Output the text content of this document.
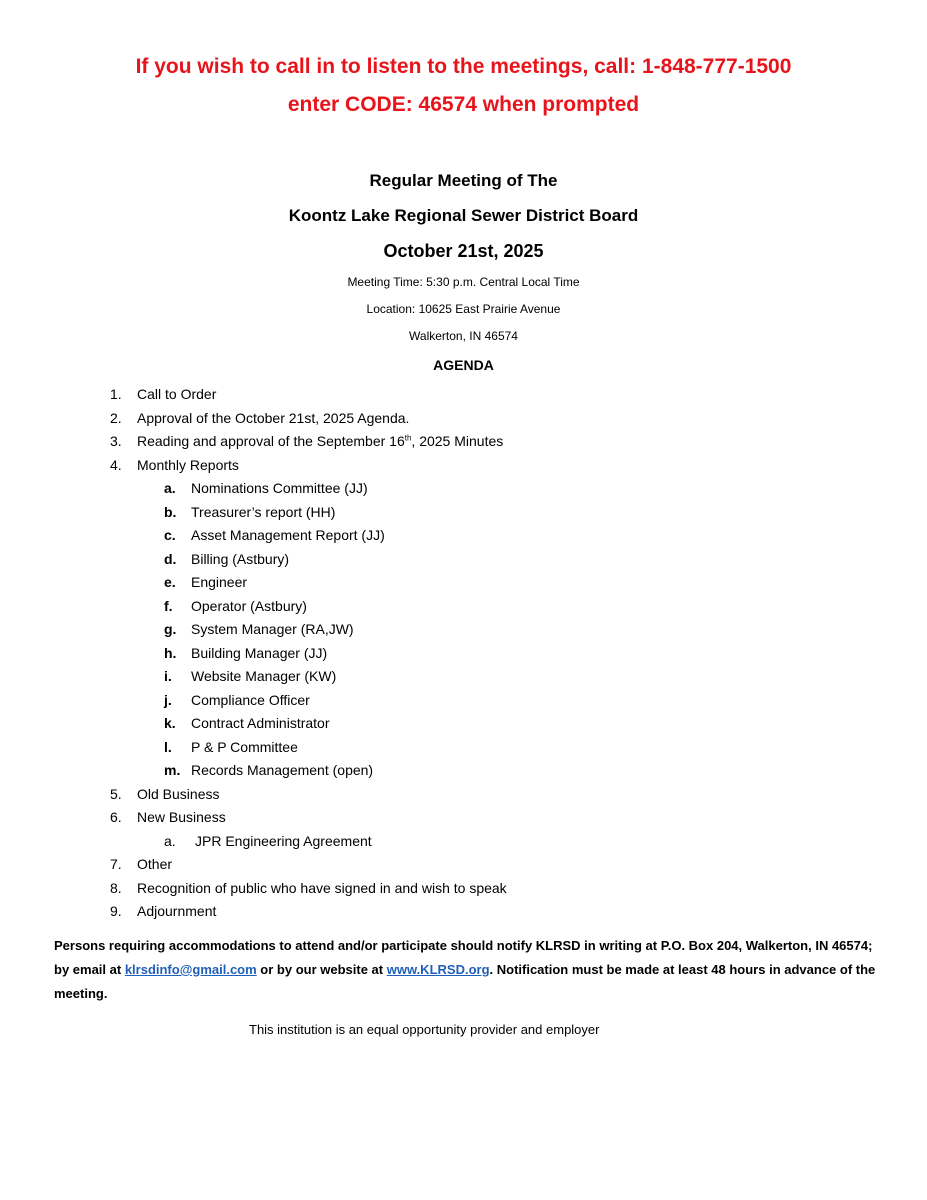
If you wish to call in to listen to the meetings, call: 1-848-777-1500
enter CODE: 46574 when prompted
Regular Meeting of The
Koontz Lake Regional Sewer District Board
October 21st, 2025
Meeting Time: 5:30 p.m. Central Local Time
Location: 10625 East Prairie Avenue
Walkerton, IN 46574
AGENDA
1. Call to Order
2. Approval of the October 21st, 2025 Agenda.
3. Reading and approval of the September 16th, 2025 Minutes
4. Monthly Reports
a. Nominations Committee (JJ)
b. Treasurer’s report (HH)
c. Asset Management Report (JJ)
d. Billing (Astbury)
e. Engineer
f. Operator (Astbury)
g. System Manager (RA,JW)
h. Building Manager (JJ)
i. Website Manager (KW)
j. Compliance Officer
k. Contract Administrator
l. P & P Committee
m. Records Management (open)
5. Old Business
6. New Business
a. JPR Engineering Agreement
7. Other
8. Recognition of public who have signed in and wish to speak
9. Adjournment
Persons requiring accommodations to attend and/or participate should notify KLRSD in writing at P.O. Box 204, Walkerton, IN 46574; by email at klrsdinfo@gmail.com or by our website at www.KLRSD.org. Notification must be made at least 48 hours in advance of the meeting.
This institution is an equal opportunity provider and employer
